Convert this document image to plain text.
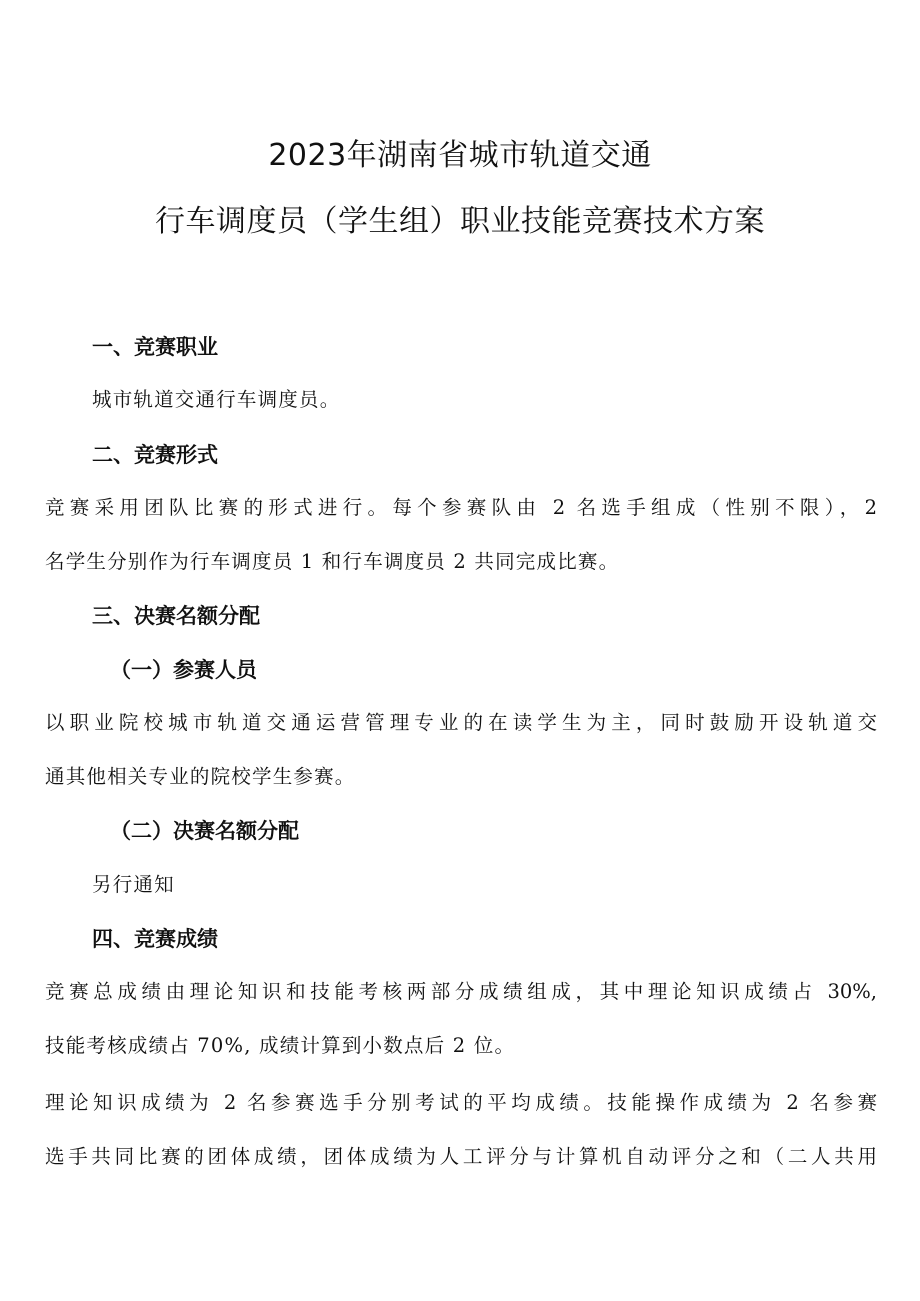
2023年湖南省城市轨道交通
行车调度员（学生组）职业技能竞赛技术方案
一、竞赛职业
城市轨道交通行车调度员。
二、竞赛形式
竞赛采用团队比赛的形式进行。每个参赛队由 2 名选手组成（性别不限），2
名学生分别作为行车调度员 1 和行车调度员 2 共同完成比赛。
三、决赛名额分配
（一）参赛人员
以职业院校城市轨道交通运营管理专业的在读学生为主，同时鼓励开设轨道交
通其他相关专业的院校学生参赛。
（二）决赛名额分配
另行通知
四、竞赛成绩
竞赛总成绩由理论知识和技能考核两部分成绩组成，其中理论知识成绩占 30%,
技能考核成绩占 70%, 成绩计算到小数点后 2 位。
理论知识成绩为 2 名参赛选手分别考试的平均成绩。技能操作成绩为 2 名参赛
选手共同比赛的团体成绩，团体成绩为人工评分与计算机自动评分之和（二人共用
